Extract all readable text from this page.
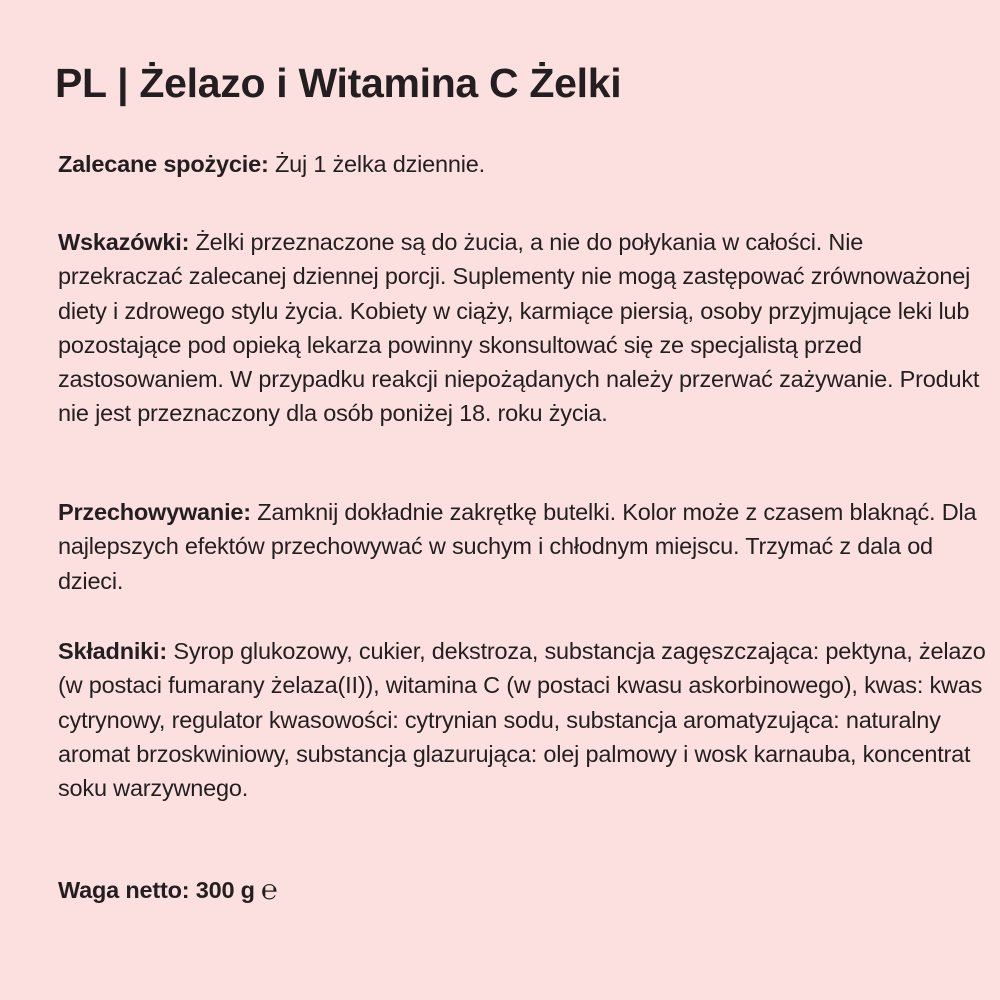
PL | Żelazo i Witamina C Żelki

Zalecane spożycie: Żuj 1 żelka dziennie.

Wskazówki: Żelki przeznaczone są do żucia, a nie do połykania w całości. Nie przekraczać zalecanej dziennej porcji. Suplementy nie mogą zastępować zrównoważonej diety i zdrowego stylu życia. Kobiety w ciąży, karmiące piersią, osoby przyjmujące leki lub pozostające pod opieką lekarza powinny skonsultować się ze specjalistą przed zastosowaniem. W przypadku reakcji niepożądanych należy przerwać zażywanie. Produkt nie jest przeznaczony dla osób poniżej 18. roku życia.

Przechowywanie: Zamknij dokładnie zakrętkę butelki. Kolor może z czasem blaknąć. Dla najlepszych efektów przechowywać w suchym i chłodnym miejscu. Trzymać z dala od dzieci.

Składniki: Syrop glukozowy, cukier, dekstroza, substancja zagęszczająca: pektyna, żelazo (w postaci fumarany żelaza(II)), witamina C (w postaci kwasu askorbinowego), kwas: kwas cytrynowy, regulator kwasowości: cytrynian sodu, substancja aromatyzująca: naturalny aromat brzoskwiniowy, substancja glazurująca: olej palmowy i wosk karnauba, koncentrat soku warzywnego.

Waga netto: 300 g ℮
